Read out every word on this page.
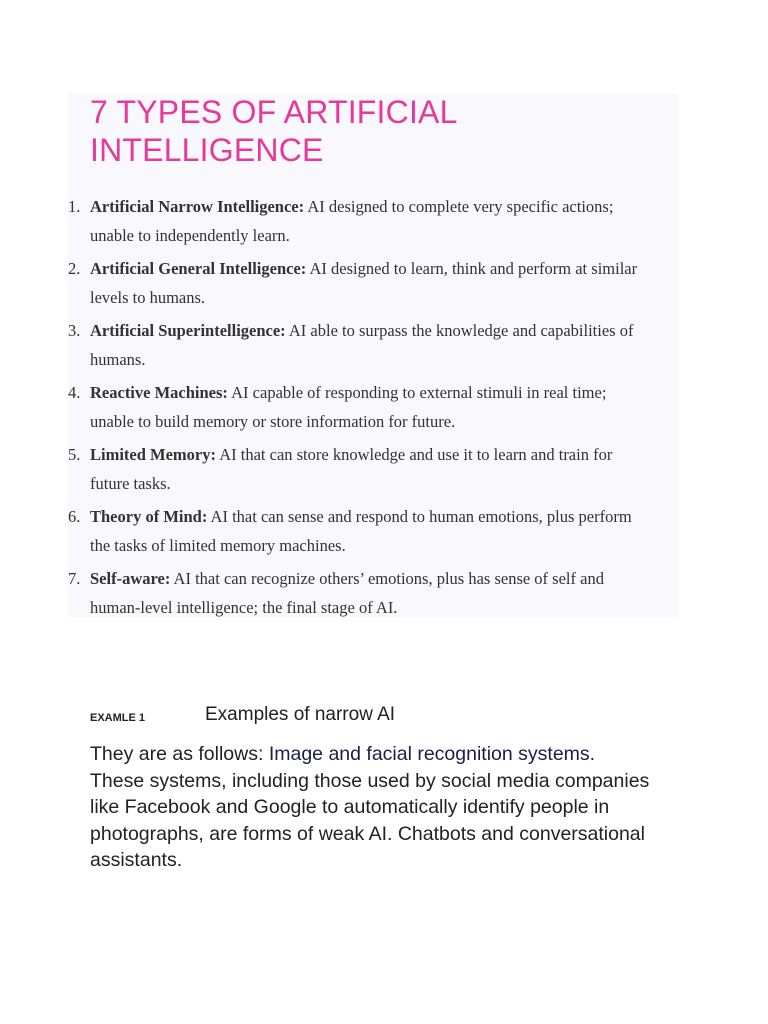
7 TYPES OF ARTIFICIAL INTELLIGENCE
1. Artificial Narrow Intelligence: AI designed to complete very specific actions; unable to independently learn.
2. Artificial General Intelligence: AI designed to learn, think and perform at similar levels to humans.
3. Artificial Superintelligence: AI able to surpass the knowledge and capabilities of humans.
4. Reactive Machines: AI capable of responding to external stimuli in real time; unable to build memory or store information for future.
5. Limited Memory: AI that can store knowledge and use it to learn and train for future tasks.
6. Theory of Mind: AI that can sense and respond to human emotions, plus perform the tasks of limited memory machines.
7. Self-aware: AI that can recognize others’ emotions, plus has sense of self and human-level intelligence; the final stage of AI.
EXAMLE 1	Examples of narrow AI

They are as follows: Image and facial recognition systems. These systems, including those used by social media companies like Facebook and Google to automatically identify people in photographs, are forms of weak AI. Chatbots and conversational assistants.
